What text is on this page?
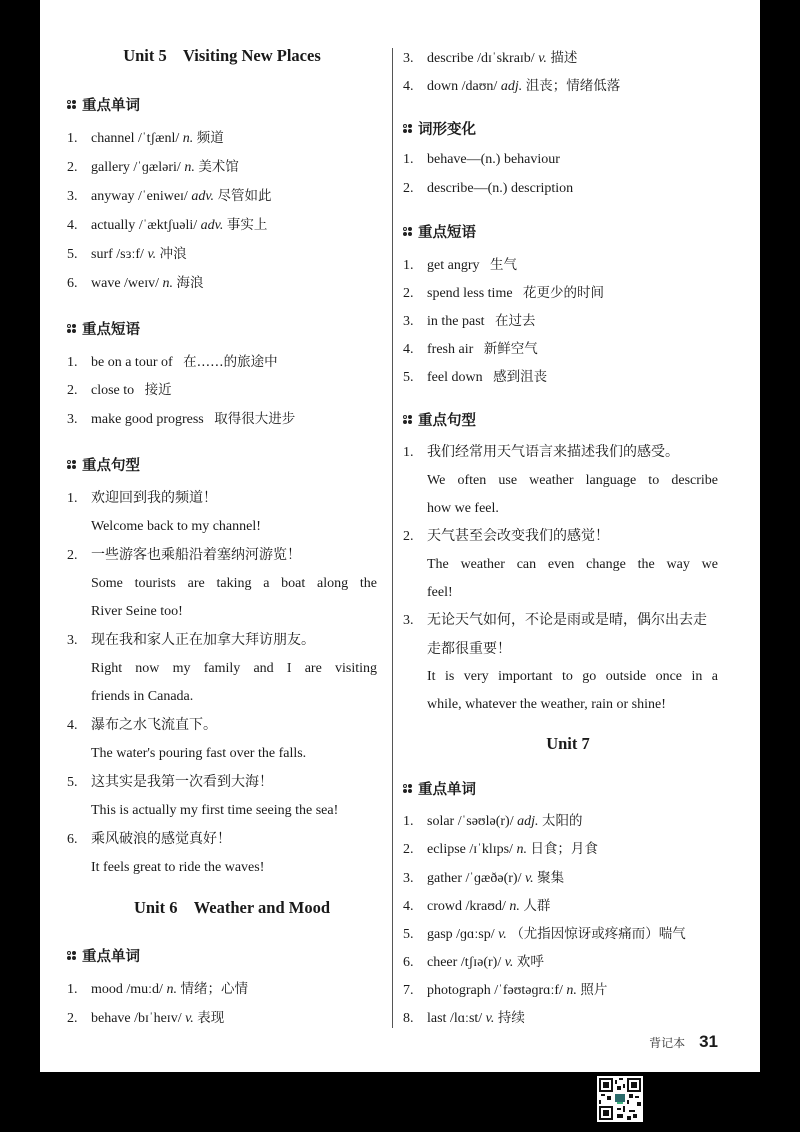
Unit 5    Visiting New Places
重点单词
1. channel /ˈtʃænl/ n. 频道
2. gallery /ˈɡæləri/ n. 美术馆
3. anyway /ˈeniweɪ/ adv. 尽管如此
4. actually /ˈæktʃuəli/ adv. 事实上
5. surf /sɜːf/ v. 冲浪
6. wave /weɪv/ n. 海浪
重点短语
1. be on a tour of 在……的旅途中
2. close to 接近
3. make good progress 取得很大进步
重点句型
1. 欢迎回到我的频道！
Welcome back to my channel!
2. 一些游客也乘船沿着塞纳河游览！
Some tourists are taking a boat along the
River Seine too!
3. 现在我和家人正在加拿大拜访朋友。
Right now my family and I are visiting
friends in Canada.
4. 瀑布之水飞流直下。
The water's pouring fast over the falls.
5. 这其实是我第一次看到大海！
This is actually my first time seeing the sea!
6. 乘风破浪的感觉真好！
It feels great to ride the waves!
Unit 6    Weather and Mood
重点单词
1. mood /muːd/ n. 情绪；心情
2. behave /bɪˈheɪv/ v. 表现
3. describe /dɪˈskraɪb/ v. 描述
4. down /daʊn/ adj. 沮丧；情绪低落
词形变化
1. behave—(n.) behaviour
2. describe—(n.) description
重点短语
1. get angry 生气
2. spend less time 花更少的时间
3. in the past 在过去
4. fresh air 新鲜空气
5. feel down 感到沮丧
重点句型
1. 我们经常用天气语言来描述我们的感受。
We often use weather language to describe
how we feel.
2. 天气甚至会改变我们的感觉！
The weather can even change the way we
feel!
3. 无论天气如何，不论是雨或是晴，偶尔出去走
走都很重要！
It is very important to go outside once in a
while, whatever the weather, rain or shine!
Unit 7
重点单词
1. solar /ˈsəʊlə(r)/ adj. 太阳的
2. eclipse /ɪˈklɪps/ n. 日食；月食
3. gather /ˈɡæðə(r)/ v. 聚集
4. crowd /kraʊd/ n. 人群
5. gasp /ɡɑːsp/ v. （尤指因惊讶或疼痛而）喘气
6. cheer /tʃɪə(r)/ v. 欢呼
7. photograph /ˈfəʊtəɡrɑːf/ n. 照片
8. last /lɑːst/ v. 持续
背记本 31
